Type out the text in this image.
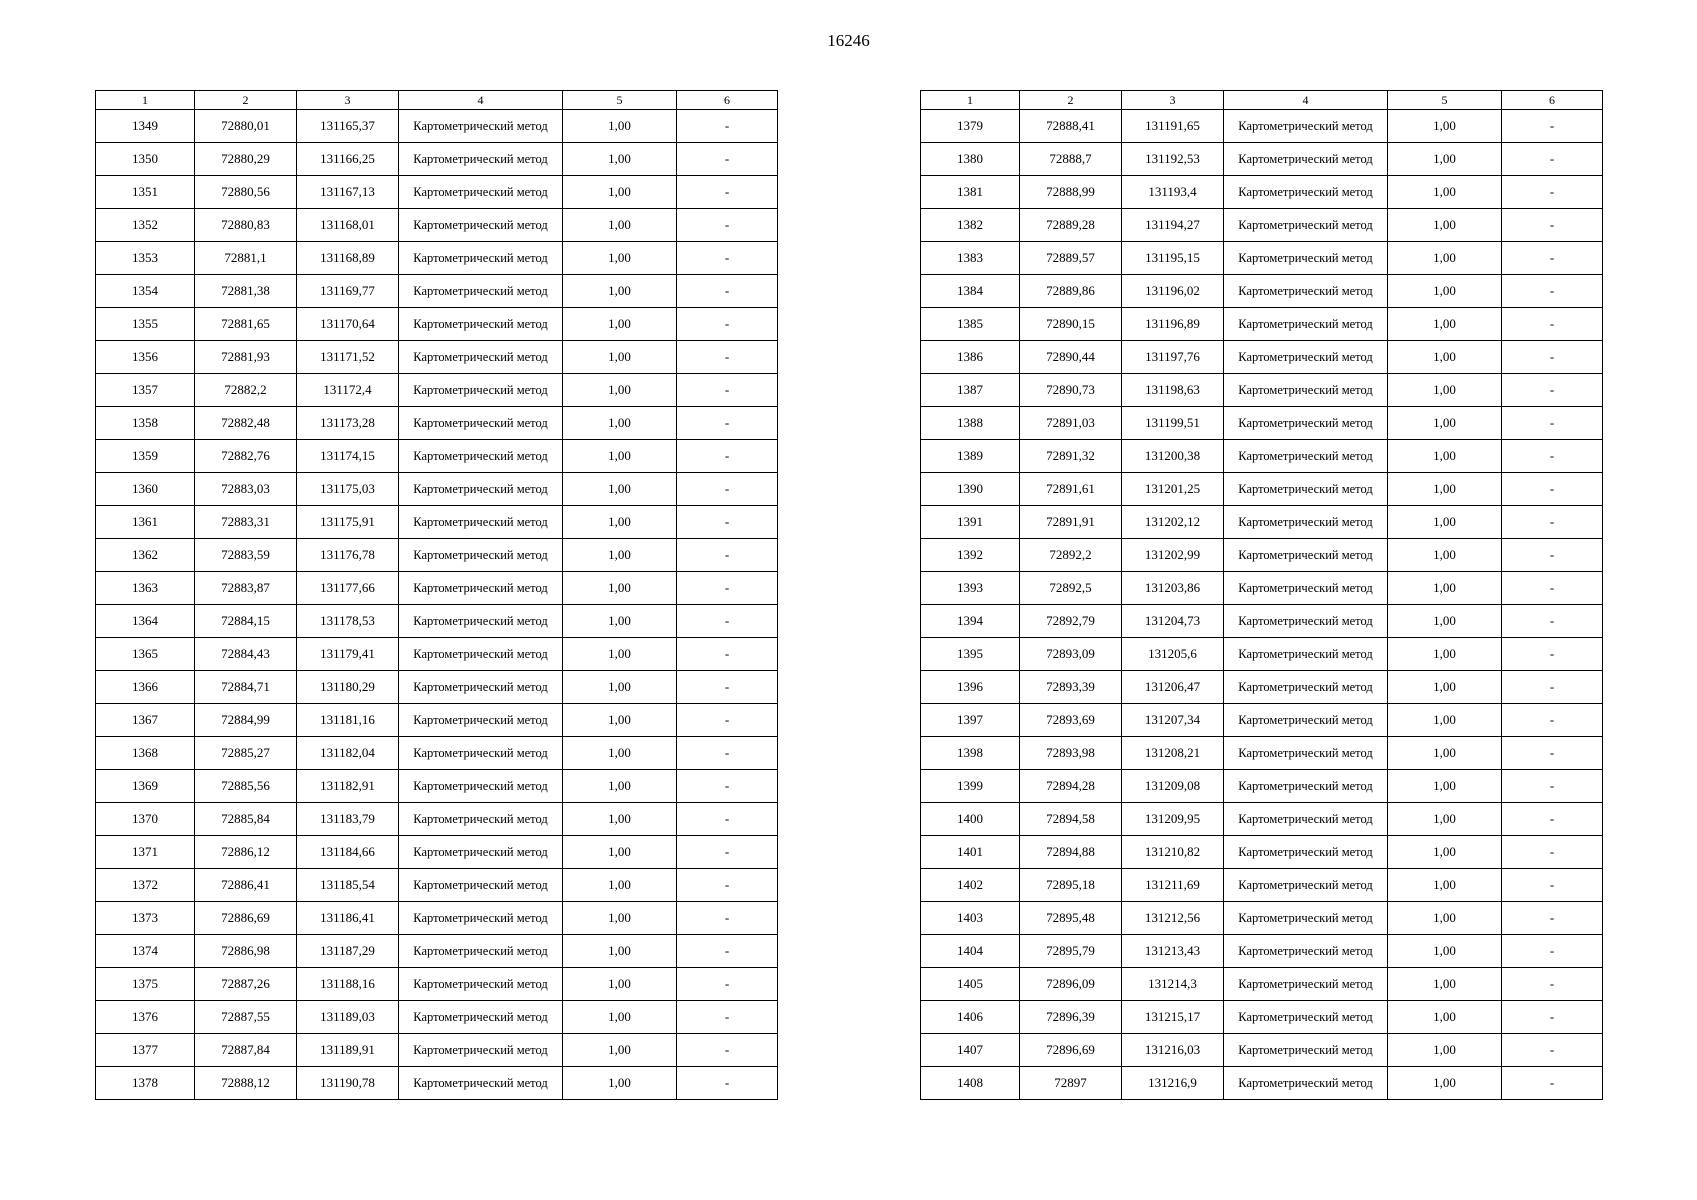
16246
1	2	3	4	5	6
1349	72880,01	131165,37	Картометрический метод	1,00	-
1350	72880,29	131166,25	Картометрический метод	1,00	-
1351	72880,56	131167,13	Картометрический метод	1,00	-
1352	72880,83	131168,01	Картометрический метод	1,00	-
1353	72881,1	131168,89	Картометрический метод	1,00	-
1354	72881,38	131169,77	Картометрический метод	1,00	-
1355	72881,65	131170,64	Картометрический метод	1,00	-
1356	72881,93	131171,52	Картометрический метод	1,00	-
1357	72882,2	131172,4	Картометрический метод	1,00	-
1358	72882,48	131173,28	Картометрический метод	1,00	-
1359	72882,76	131174,15	Картометрический метод	1,00	-
1360	72883,03	131175,03	Картометрический метод	1,00	-
1361	72883,31	131175,91	Картометрический метод	1,00	-
1362	72883,59	131176,78	Картометрический метод	1,00	-
1363	72883,87	131177,66	Картометрический метод	1,00	-
1364	72884,15	131178,53	Картометрический метод	1,00	-
1365	72884,43	131179,41	Картометрический метод	1,00	-
1366	72884,71	131180,29	Картометрический метод	1,00	-
1367	72884,99	131181,16	Картометрический метод	1,00	-
1368	72885,27	131182,04	Картометрический метод	1,00	-
1369	72885,56	131182,91	Картометрический метод	1,00	-
1370	72885,84	131183,79	Картометрический метод	1,00	-
1371	72886,12	131184,66	Картометрический метод	1,00	-
1372	72886,41	131185,54	Картометрический метод	1,00	-
1373	72886,69	131186,41	Картометрический метод	1,00	-
1374	72886,98	131187,29	Картометрический метод	1,00	-
1375	72887,26	131188,16	Картометрический метод	1,00	-
1376	72887,55	131189,03	Картометрический метод	1,00	-
1377	72887,84	131189,91	Картометрический метод	1,00	-
1378	72888,12	131190,78	Картометрический метод	1,00	-
1	2	3	4	5	6
1379	72888,41	131191,65	Картометрический метод	1,00	-
1380	72888,7	131192,53	Картометрический метод	1,00	-
1381	72888,99	131193,4	Картометрический метод	1,00	-
1382	72889,28	131194,27	Картометрический метод	1,00	-
1383	72889,57	131195,15	Картометрический метод	1,00	-
1384	72889,86	131196,02	Картометрический метод	1,00	-
1385	72890,15	131196,89	Картометрический метод	1,00	-
1386	72890,44	131197,76	Картометрический метод	1,00	-
1387	72890,73	131198,63	Картометрический метод	1,00	-
1388	72891,03	131199,51	Картометрический метод	1,00	-
1389	72891,32	131200,38	Картометрический метод	1,00	-
1390	72891,61	131201,25	Картометрический метод	1,00	-
1391	72891,91	131202,12	Картометрический метод	1,00	-
1392	72892,2	131202,99	Картометрический метод	1,00	-
1393	72892,5	131203,86	Картометрический метод	1,00	-
1394	72892,79	131204,73	Картометрический метод	1,00	-
1395	72893,09	131205,6	Картометрический метод	1,00	-
1396	72893,39	131206,47	Картометрический метод	1,00	-
1397	72893,69	131207,34	Картометрический метод	1,00	-
1398	72893,98	131208,21	Картометрический метод	1,00	-
1399	72894,28	131209,08	Картометрический метод	1,00	-
1400	72894,58	131209,95	Картометрический метод	1,00	-
1401	72894,88	131210,82	Картометрический метод	1,00	-
1402	72895,18	131211,69	Картометрический метод	1,00	-
1403	72895,48	131212,56	Картометрический метод	1,00	-
1404	72895,79	131213,43	Картометрический метод	1,00	-
1405	72896,09	131214,3	Картометрический метод	1,00	-
1406	72896,39	131215,17	Картометрический метод	1,00	-
1407	72896,69	131216,03	Картометрический метод	1,00	-
1408	72897	131216,9	Картометрический метод	1,00	-
